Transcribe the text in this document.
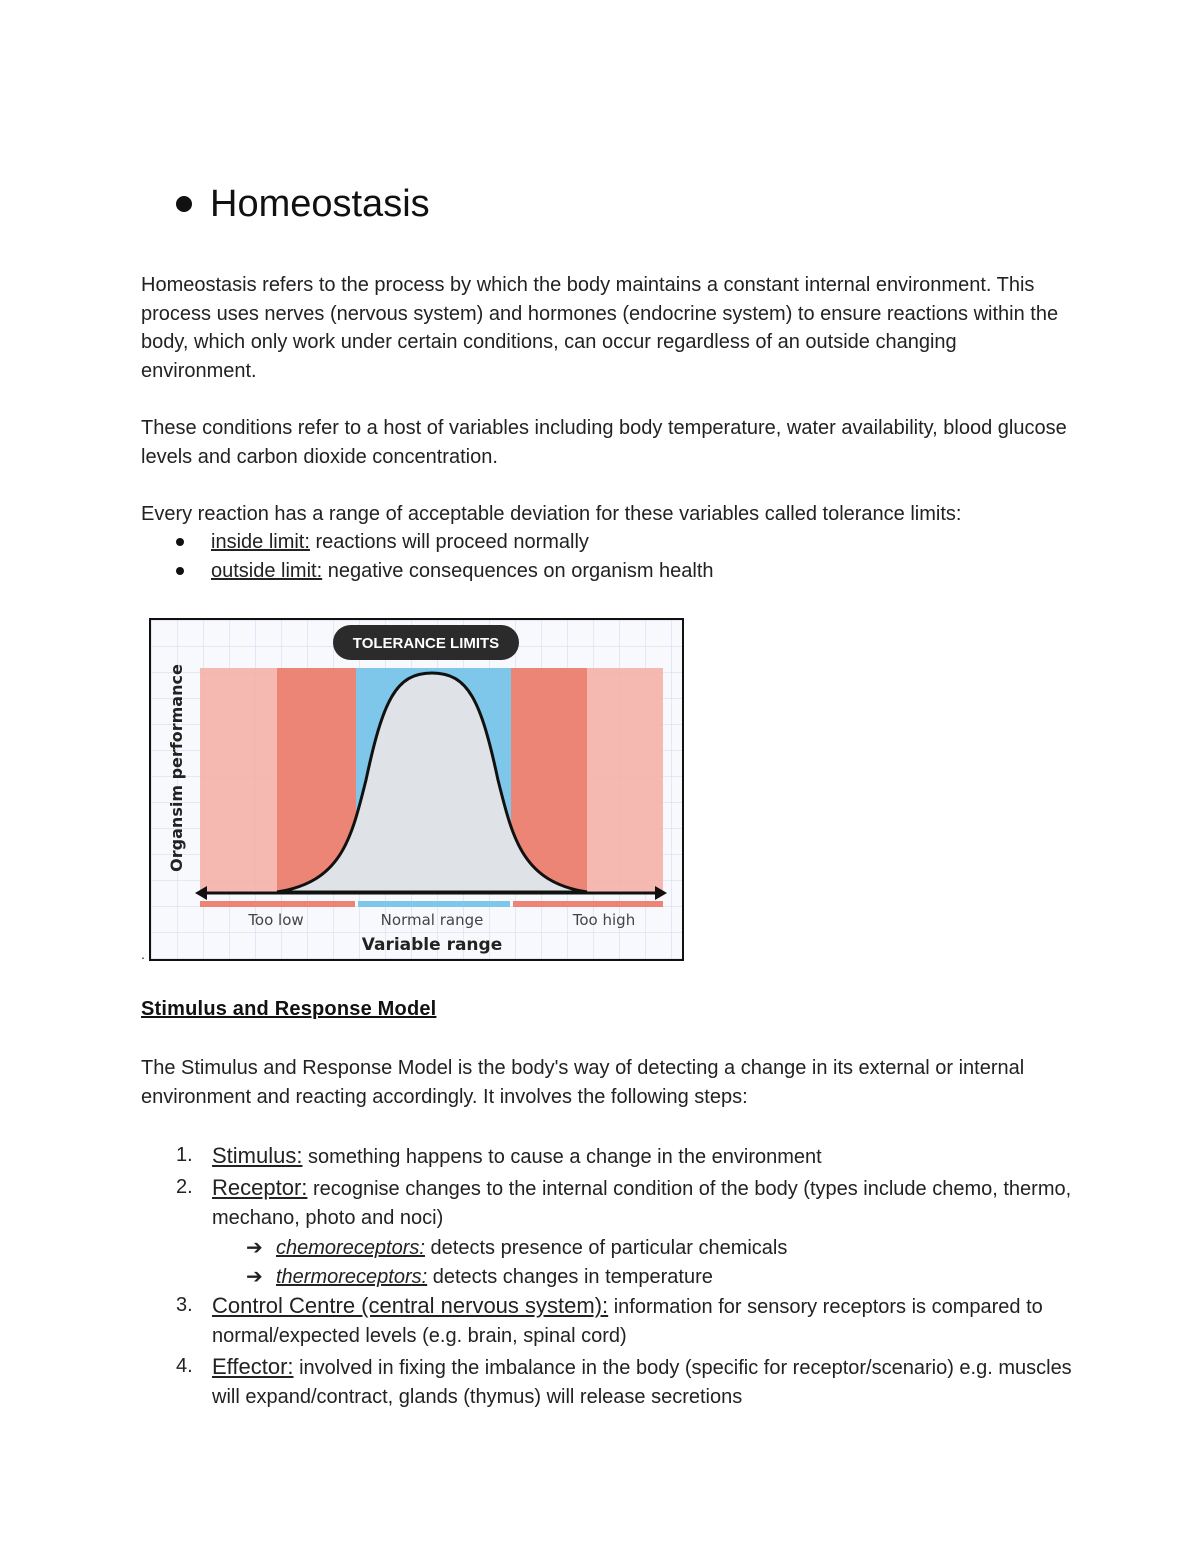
Homeostasis

Homeostasis refers to the process by which the body maintains a constant internal environment. This process uses nerves (nervous system) and hormones (endocrine system) to ensure reactions within the body, which only work under certain conditions, can occur regardless of an outside changing environment.

These conditions refer to a host of variables including body temperature, water availability, blood glucose levels and carbon dioxide concentration.

Every reaction has a range of acceptable deviation for these variables called tolerance limits:

inside limit: reactions will proceed normally
outside limit: negative consequences on organism health
TOLERANCE LIMITS
Organsim performance
Too low	Normal range	Too high
Variable range
.
Stimulus and Response Model

The Stimulus and Response Model is the body's way of detecting a change in its external or internal environment and reacting accordingly. It involves the following steps:

1. Stimulus: something happens to cause a change in the environment
2. Receptor: recognise changes to the internal condition of the body (types include chemo, thermo, mechano, photo and noci)
➔ chemoreceptors: detects presence of particular chemicals
➔ thermoreceptors: detects changes in temperature
3. Control Centre (central nervous system): information for sensory receptors is compared to normal/expected levels (e.g. brain, spinal cord)
4. Effector: involved in fixing the imbalance in the body (specific for receptor/scenario) e.g. muscles will expand/contract, glands (thymus) will release secretions
